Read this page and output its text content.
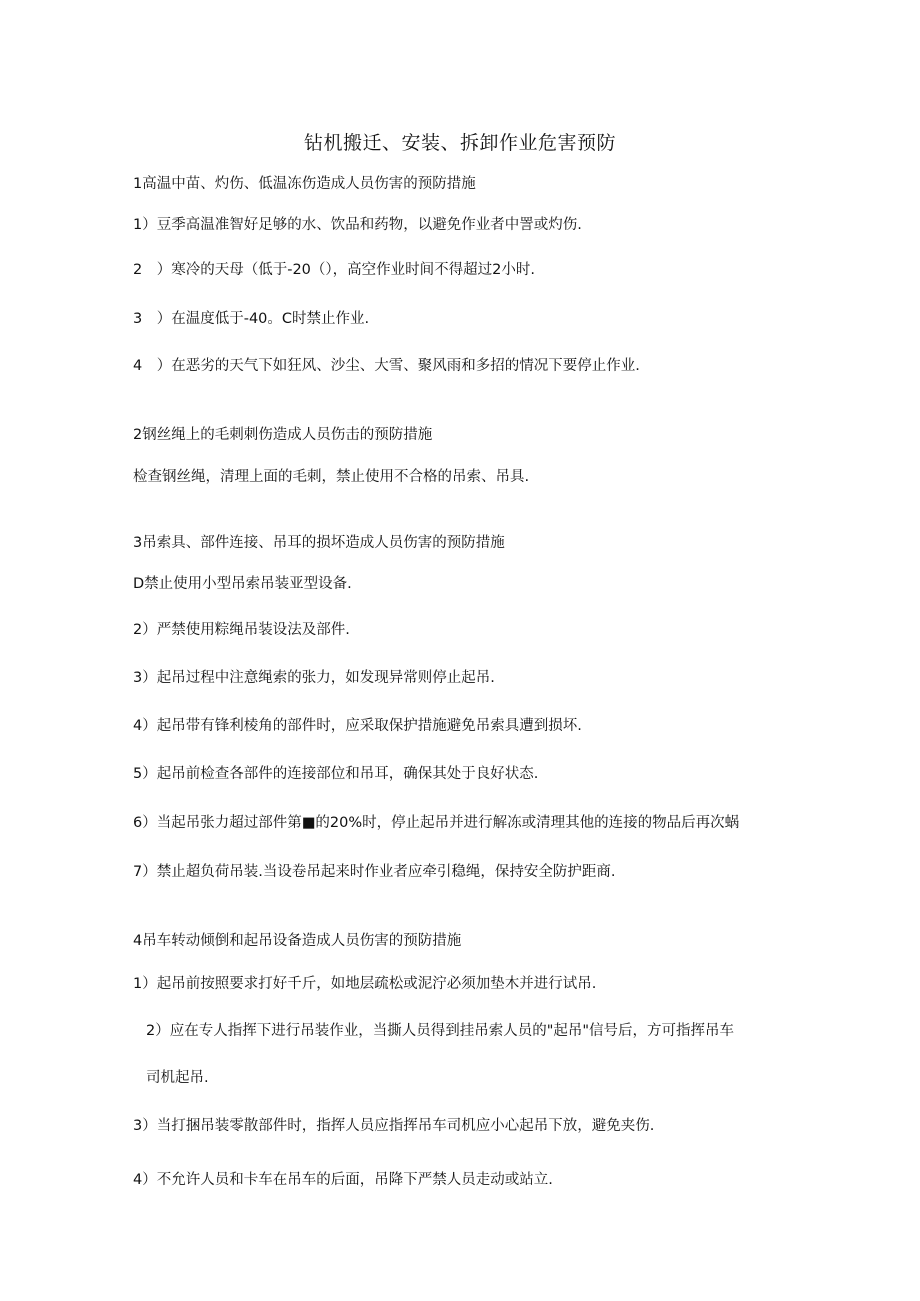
钻机搬迁、安装、拆卸作业危害预防
1高温中苗、灼伤、低温冻伤造成人员伤害的预防措施
1）豆季高温准智好足够的水、饮品和药物，以避免作业者中詈或灼伤.
2　）寒冷的天母（低于-20（），高空作业时间不得超过2小时.
3　）在温度低于-40。C时禁止作业.
4　）在恶劣的天气下如狂风、沙尘、大雪、聚风雨和多招的情况下要停止作业.
2钢丝绳上的毛刺刺伤造成人员伤击的预防措施
检查钢丝绳，清理上面的毛刺，禁止使用不合格的吊索、吊具.
3吊索具、部件连接、吊耳的损坏造成人员伤害的预防措施
D禁止使用小型吊索吊装亚型设备.
2）严禁使用粽绳吊装设法及部件.
3）起吊过程中注意绳索的张力，如发现异常则停止起吊.
4）起吊带有锋利棱角的部件时，应采取保护措施避免吊索具遭到损坏.
5）起吊前检查各部件的连接部位和吊耳，确保其处于良好状态.
6）当起吊张力超过部件第■的20%时，停止起吊并进行解冻或清理其他的连接的物品后再次蜗
7）禁止超负荷吊装.当设卷吊起来时作业者应牵引稳绳，保持安全防护距商.
4吊车转动倾倒和起吊设备造成人员伤害的预防措施
1）起吊前按照要求打好千斤，如地层疏松或泥泞必须加垫木并进行试吊.
2）应在专人指挥下进行吊装作业，当撕人员得到挂吊索人员的"起吊"信号后，方可指挥吊车
司机起吊.
3）当打捆吊装零散部件时，指挥人员应指挥吊车司机应小心起吊下放，避免夹伤.
4）不允许人员和卡车在吊车的后面，吊降下严禁人员走动或站立.
